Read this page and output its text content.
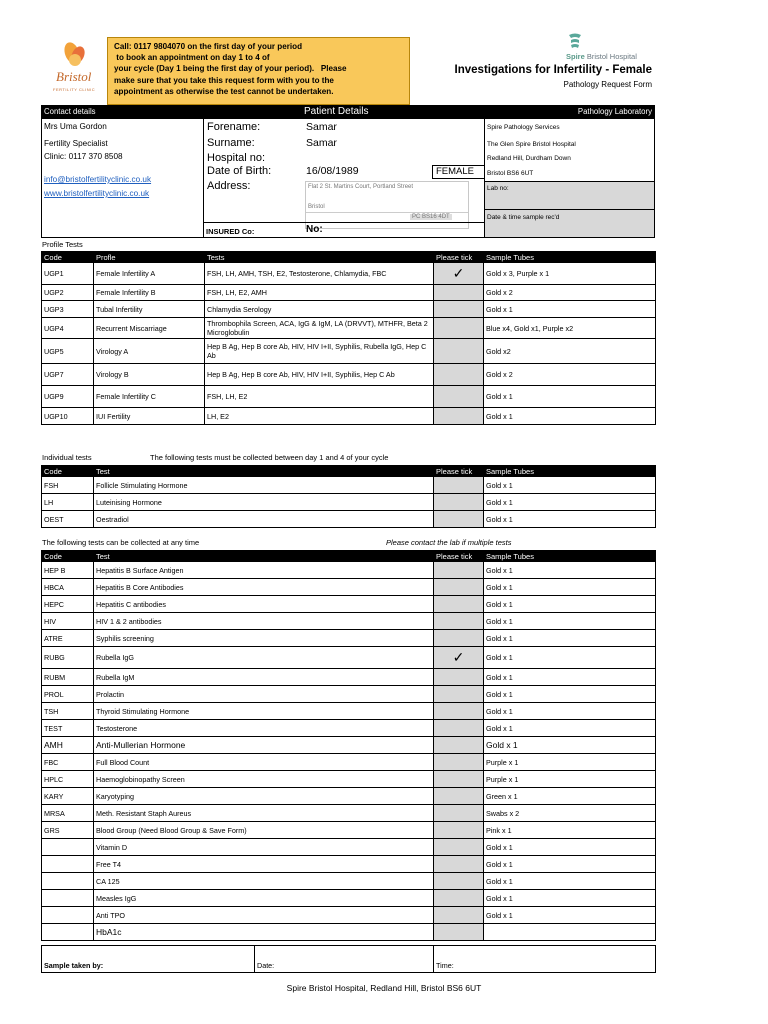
Bristol
FERTILITY CLINIC
Call: 0117 9804070 on the first day of your period
to book an appointment on day 1 to 4 of
your cycle (Day 1 being the first day of your period).   Please
make sure that you take this request form with you to the
appointment as otherwise the test cannot be undertaken.
Spire Bristol Hospital
Investigations for Infertility - Female
Pathology Request Form
Contact details	Patient Details	Pathology Laboratory
Mrs Uma Gordon
Fertility Specialist
Clinic: 0117 370 8508
info@bristolfertilityclinic.co.uk

www.bristolfertilityclinic.co.uk
Forename:	Samar
Surname:	Samar
Hospital no:
Date of Birth:	16/08/1989	FEMALE
Address:	Flat 2 St. Martins Court, Portland Street
Bristol
PC BS16 4DT
INSURED Co:	No:
Spire Pathology Services
The Glen Spire Bristol Hospital
Redland Hill, Durdham Down
Bristol BS6 6UT
Lab no:
Date & time sample rec'd
Profile Tests
Code	Profle	Tests	Please tick	Sample Tubes
UGP1	Female Infertility A	FSH, LH, AMH, TSH, E2, Testosterone, Chlamydia, FBC	✓	Gold x 3, Purple x 1
UGP2	Female Infertility B	FSH, LH, E2, AMH		Gold x 2
UGP3	Tubal Infertility	Chlamydia Serology		Gold x 1
UGP4	Recurrent Miscarriage	Thrombophila Screen, ACA, IgG & IgM, LA (DRVVT), MTHFR, Beta 2 Microglobulin		Blue x4, Gold x1, Purple x2
UGP5	Virology A	Hep B Ag, Hep B core Ab, HIV, HIV I+II, Syphilis, Rubella IgG, Hep C Ab		Gold x2
UGP7	Virology B	Hep B Ag, Hep B core Ab, HIV, HIV I+II, Syphilis, Hep C Ab		Gold x 2
UGP9	Female Infertility C	FSH, LH, E2		Gold x 1
UGP10	IUI Fertility	LH, E2		Gold x 1
Individual tests	The following tests must be collected between day 1 and 4 of your cycle
Code	Test	Please tick	Sample Tubes
FSH	Follicle Stimulating Hormone		Gold x 1
LH	Luteinising Hormone		Gold x 1
OEST	Oestradiol		Gold x 1
The following tests can be collected at any time	Please contact the lab if multiple tests
Code	Test	Please tick	Sample Tubes
HEP B	Hepatitis B Surface Antigen		Gold x 1
HBCA	Hepatitis B Core Antibodies		Gold x 1
HEPC	Hepatitis C antibodies		Gold x 1
HIV	HIV 1 & 2 antibodies		Gold x 1
ATRE	Syphilis screening		Gold x 1
RUBG	Rubella IgG	✓	Gold x 1
RUBM	Rubella IgM		Gold x 1
PROL	Prolactin		Gold x 1
TSH	Thyroid Stimulating Hormone		Gold x 1
TEST	Testosterone		Gold x 1
AMH	Anti-Mullerian Hormone		Gold x 1
FBC	Full Blood Count		Purple x 1
HPLC	Haemoglobinopathy Screen		Purple x 1
KARY	Karyotyping		Green x 1
MRSA	Meth. Resistant Staph Aureus		Swabs x 2
GRS	Blood Group (Need Blood Group & Save Form)		Pink x 1
	Vitamin D		Gold x 1
	Free T4		Gold x 1
	CA 125		Gold x 1
	Measles IgG		Gold x 1
	Anti TPO		Gold x 1
	HbA1c		
Sample taken by:	Date:	Time:
Spire Bristol Hospital, Redland Hill, Bristol BS6 6UT
